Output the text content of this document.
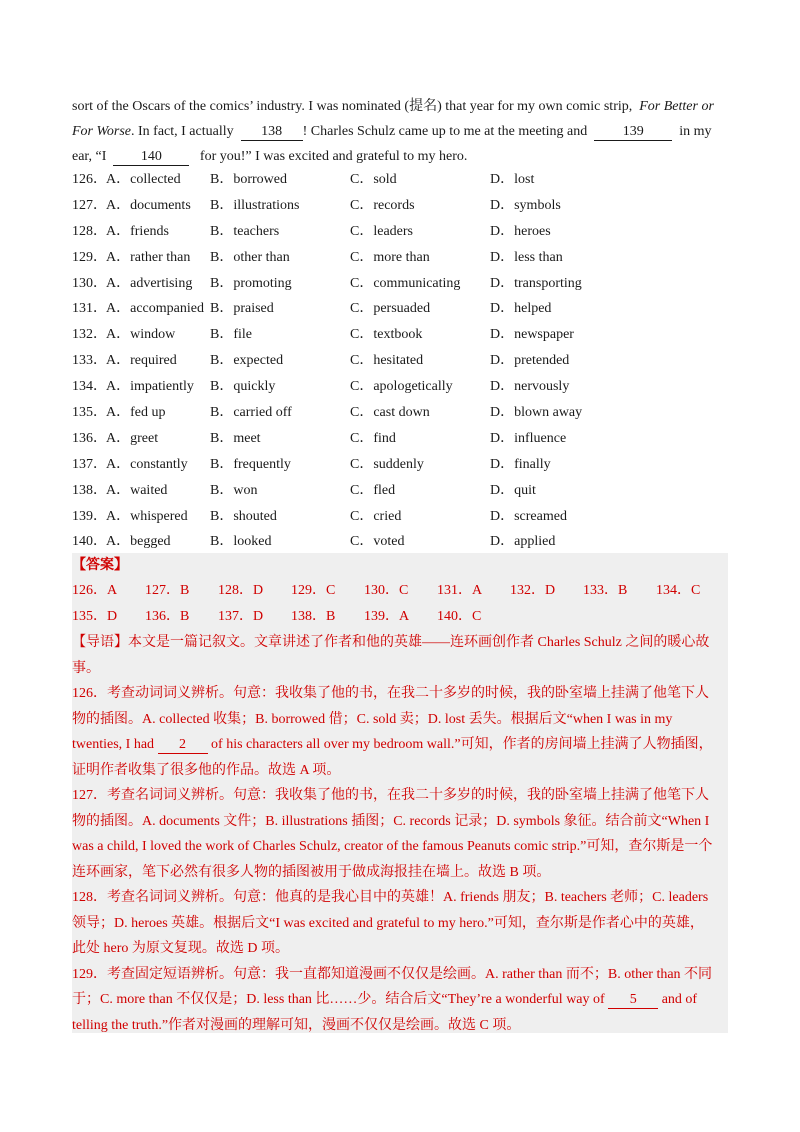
sort of the Oscars of the comics’ industry. I was nominated (提名) that year for my own comic strip, For Better or

For Worse. In fact, I actually 138 ! Charles Schulz came up to me at the meeting and	139	in my

ear, “I 140	for you!” I was excited and grateful to my hero.

126． A．collected B．borrowed	C．sold	D．lost
127． A．documents B．illustrations	C．records	D．symbols
128． A．friends	B．teachers	C．leaders	D．heroes
129． A．rather than B．other than	C．more than	D．less than
130． A．advertising B．promoting	C．communicating D．transporting
131． A．accompanied B．praised	C．persuaded	D．helped
132． A．window B．file	C．textbook	D．newspaper
133． A．required B．expected	C．hesitated	D．pretended
134． A．impatiently B．quickly	C．apologetically	D．nervously
135． A．fed up	B．carried off	C．cast down	D．blown away
136． A．greet	B．meet	C．find	D．influence
137． A．constantly B．frequently	C．suddenly	D．finally
138． A．waited	B．won	C．fled	D．quit
139． A．whispered B．shouted	C．cried	D．screamed
140． A．begged	B．looked	C．voted	D．applied
【答案】
126．A 127．B 128．D 129．C 130．C 131．A 132．D 133．B 134．C
135．D 136．B 137．D 138．B 139．A 140．C

【导语】本文是一篇记叙文。文章讲述了作者和他的英雄——连环画创作者 Charles Schulz 之间的暖心故

事。

126．考查动词词义辨析。句意：我收集了他的书，在我二十多岁的时候，我的卧室墙上挂满了他笔下人

物的插图。A. collected 收集；B. borrowed 借；C. sold 卖；D. lost 丢失。根据后文“when I was in my

twenties, I had 2 of his characters all over my bedroom wall.”可知，作者的房间墙上挂满了人物插图，

证明作者收集了很多他的作品。故选 A 项。

127．考查名词词义辨析。句意：我收集了他的书，在我二十多岁的时候，我的卧室墙上挂满了他笔下人

物的插图。A. documents 文件；B. illustrations 插图；C. records 记录；D. symbols 象征。结合前文“When I

was a child, I loved the work of Charles Schulz, creator of the famous Peanuts comic strip.”可知，查尔斯是一个

连环画家，笔下必然有很多人物的插图被用于做成海报挂在墙上。故选 B 项。

128．考查名词词义辨析。句意：他真的是我心目中的英雄！A. friends 朋友；B. teachers 老师；C. leaders

领导；D. heroes 英雄。根据后文“I was excited and grateful to my hero.”可知，查尔斯是作者心中的英雄，

此处 hero 为原文复现。故选 D 项。

129．考查固定短语辨析。句意：我一直都知道漫画不仅仅是绘画。A. rather than 而不；B. other than 不同

于；C. more than 不仅仅是；D. less than 比……少。结合后文“They’re a wonderful way of 5 and of

telling the truth.”作者对漫画的理解可知，漫画不仅仅是绘画。故选 C 项。
